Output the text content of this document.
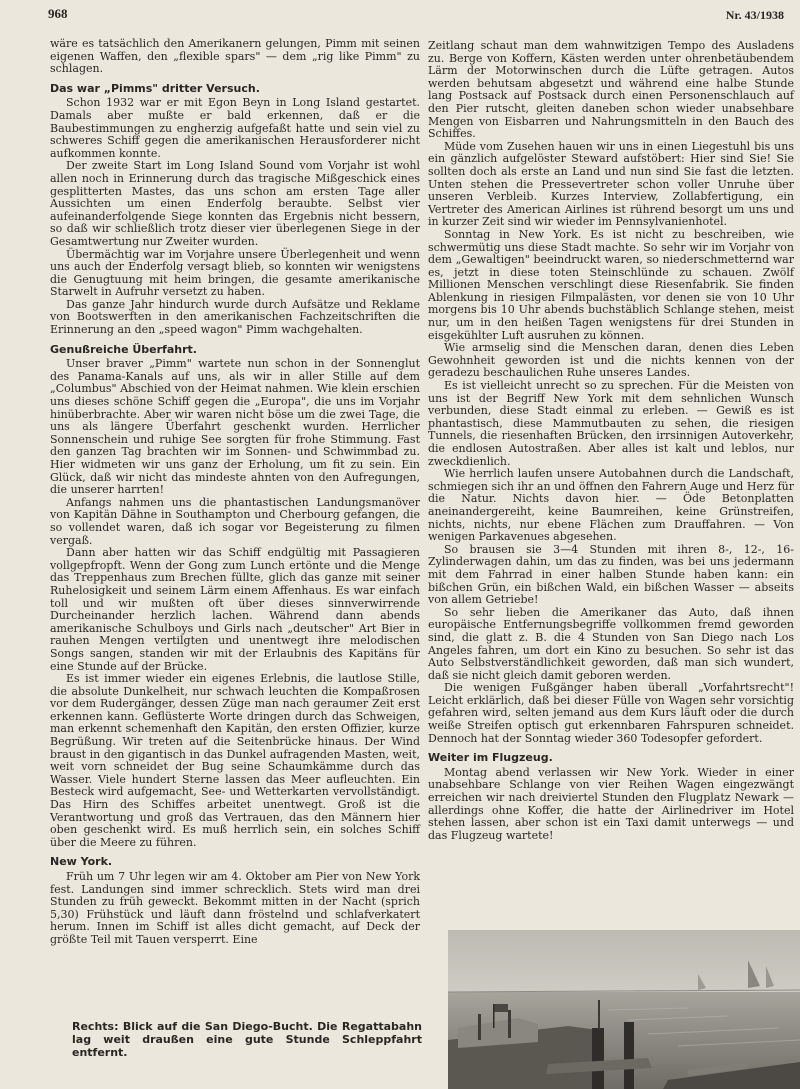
968	Nr. 43/1938

wäre es tatsächlich den Amerikanern gelungen, Pimm mit seinen eigenen Waffen, den „flexible spars" — dem „rig like Pimm" zu schlagen.

Das war „Pimms" dritter Versuch.

Schon 1932 war er mit Egon Beyn in Long Island gestartet. Damals aber mußte er bald erkennen, daß er die Baubestimmungen zu engherzig aufgefaßt hatte und sein viel zu schweres Schiff gegen die amerikanischen Herausforderer nicht aufkommen konnte.

Der zweite Start im Long Island Sound vom Vorjahr ist wohl allen noch in Erinnerung durch das tragische Mißgeschick eines gesplitterten Mastes, das uns schon am ersten Tage aller Aussichten um einen Enderfolg beraubte. Selbst vier aufeinanderfolgende Siege konnten das Ergebnis nicht bessern, so daß wir schließlich trotz dieser vier überlegenen Siege in der Gesamtwertung nur Zweiter wurden.

Übermächtig war im Vorjahre unsere Überlegenheit und wenn uns auch der Enderfolg versagt blieb, so konnten wir wenigstens die Genugtuung mit heim bringen, die gesamte amerikanische Starwelt in Aufruhr versetzt zu haben.

Das ganze Jahr hindurch wurde durch Aufsätze und Reklame von Bootswerften in den amerikanischen Fachzeitschriften die Erinnerung an den „speed wagon" Pimm wachgehalten.

Genußreiche Überfahrt.

Unser braver „Pimm" wartete nun schon in der Sonnenglut des Panama-Kanals auf uns, als wir in aller Stille auf dem „Columbus" Abschied von der Heimat nahmen. Wie klein erschien uns dieses schöne Schiff gegen die „Europa", die uns im Vorjahr hinüberbrachte. Aber wir waren nicht böse um die zwei Tage, die uns als längere Überfahrt geschenkt wurden. Herrlicher Sonnenschein und ruhige See sorgten für frohe Stimmung. Fast den ganzen Tag brachten wir im Sonnen- und Schwimmbad zu. Hier widmeten wir uns ganz der Erholung, um fit zu sein. Ein Glück, daß wir nicht das mindeste ahnten von den Aufregungen, die unserer harrten!

Anfangs nahmen uns die phantastischen Landungsmanöver von Kapitän Dähne in Southampton und Cherbourg gefangen, die so vollendet waren, daß ich sogar vor Begeisterung zu filmen vergaß.

Dann aber hatten wir das Schiff endgültig mit Passagieren vollgepfropft. Wenn der Gong zum Lunch ertönte und die Menge das Treppenhaus zum Brechen füllte, glich das ganze mit seiner Ruhelosigkeit und seinem Lärm einem Affenhaus. Es war einfach toll und wir mußten oft über dieses sinnverwirrende Durcheinander herzlich lachen. Während dann abends amerikanische Schulboys und Girls nach „deutscher" Art Bier in rauhen Mengen vertilgten und unentwegt ihre melodischen Songs sangen, standen wir mit der Erlaubnis des Kapitäns für eine Stunde auf der Brücke.

Es ist immer wieder ein eigenes Erlebnis, die lautlose Stille, die absolute Dunkelheit, nur schwach leuchten die Kompaßrosen vor dem Rudergänger, dessen Züge man nach geraumer Zeit erst erkennen kann. Geflüsterte Worte dringen durch das Schweigen, man erkennt schemenhaft den Kapitän, den ersten Offizier, kurze Begrüßung. Wir treten auf die Seitenbrücke hinaus. Der Wind braust in den gigantisch in das Dunkel aufragenden Masten, weit, weit vorn schneidet der Bug seine Schaumkämme durch das Wasser. Viele hundert Sterne lassen das Meer aufleuchten. Ein Besteck wird aufgemacht, See- und Wetterkarten vervollständigt. Das Hirn des Schiffes arbeitet unentwegt. Groß ist die Verantwortung und groß das Vertrauen, das den Männern hier oben geschenkt wird. Es muß herrlich sein, ein solches Schiff über die Meere zu führen.

New York.

Früh um 7 Uhr legen wir am 4. Oktober am Pier von New York fest. Landungen sind immer schrecklich. Stets wird man drei Stunden zu früh geweckt. Bekommt mitten in der Nacht (sprich 5,30) Frühstück und läuft dann fröstelnd und schlafverkatert herum. Innen im Schiff ist alles dicht gemacht, auf Deck der größte Teil mit Tauen versperrt. Eine

Zeitlang schaut man dem wahnwitzigen Tempo des Ausladens zu. Berge von Koffern, Kästen werden unter ohrenbetäubendem Lärm der Motorwinschen durch die Lüfte getragen. Autos werden behutsam abgesetzt und während eine halbe Stunde lang Postsack auf Postsack durch einen Personenschlauch auf den Pier rutscht, gleiten daneben schon wieder unabsehbare Mengen von Eisbarren und Nahrungsmitteln in den Bauch des Schiffes.

Müde vom Zusehen hauen wir uns in einen Liegestuhl bis uns ein gänzlich aufgelöster Steward aufstöbert: Hier sind Sie! Sie sollten doch als erste an Land und nun sind Sie fast die letzten. Unten stehen die Pressevertreter schon voller Unruhe über unseren Verbleib. Kurzes Interview, Zollabfertigung, ein Vertreter des American Airlines ist rührend besorgt um uns und in kurzer Zeit sind wir wieder im Pennsylvanienhotel.

Sonntag in New York. Es ist nicht zu beschreiben, wie schwermütig uns diese Stadt machte. So sehr wir im Vorjahr von dem „Gewaltigen" beeindruckt waren, so niederschmetternd war es, jetzt in diese toten Steinschlünde zu schauen. Zwölf Millionen Menschen verschlingt diese Riesenfabrik. Sie finden Ablenkung in riesigen Filmpalästen, vor denen sie von 10 Uhr morgens bis 10 Uhr abends buchstäblich Schlange stehen, meist nur, um in den heißen Tagen wenigstens für drei Stunden in eisgekühlter Luft ausruhen zu können.

Wie armselig sind die Menschen daran, denen dies Leben Gewohnheit geworden ist und die nichts kennen von der geradezu beschaulichen Ruhe unseres Landes.

Es ist vielleicht unrecht so zu sprechen. Für die Meisten von uns ist der Begriff New York mit dem sehnlichen Wunsch verbunden, diese Stadt einmal zu erleben. — Gewiß es ist phantastisch, diese Mammutbauten zu sehen, die riesigen Tunnels, die riesenhaften Brücken, den irrsinnigen Autoverkehr, die endlosen Autostraßen. Aber alles ist kalt und leblos, nur zweckdienlich.

Wie herrlich laufen unsere Autobahnen durch die Landschaft, schmiegen sich ihr an und öffnen den Fahrern Auge und Herz für die Natur. Nichts davon hier. — Öde Betonplatten aneinandergereiht, keine Baumreihen, keine Grünstreifen, nichts, nichts, nur ebene Flächen zum Drauffahren. — Von wenigen Parkavenues abgesehen.

So brausen sie 3—4 Stunden mit ihren 8-, 12-, 16-Zylinderwagen dahin, um das zu finden, was bei uns jedermann mit dem Fahrrad in einer halben Stunde haben kann: ein bißchen Grün, ein bißchen Wald, ein bißchen Wasser — abseits von allem Getriebe!

So sehr lieben die Amerikaner das Auto, daß ihnen europäische Entfernungsbegriffe vollkommen fremd geworden sind, die glatt z. B. die 4 Stunden von San Diego nach Los Angeles fahren, um dort ein Kino zu besuchen. So sehr ist das Auto Selbstverständlichkeit geworden, daß man sich wundert, daß sie nicht gleich damit geboren werden.

Die wenigen Fußgänger haben überall „Vorfahrtsrecht"! Leicht erklärlich, daß bei dieser Fülle von Wagen sehr vorsichtig gefahren wird, selten jemand aus dem Kurs läuft oder die durch weiße Streifen optisch gut erkennbaren Fahrspuren schneidet. Dennoch hat der Sonntag wieder 360 Todesopfer gefordert.

Weiter im Flugzeug.

Montag abend verlassen wir New York. Wieder in einer unabsehbare Schlange von vier Reihen Wagen eingezwängt erreichen wir nach dreiviertel Stunden den Flugplatz Newark — allerdings ohne Koffer, die hatte der Airlinedriver im Hotel stehen lassen, aber schon ist ein Taxi damit unterwegs — und das Flugzeug wartete!

Rechts: Blick auf die San Diego-Bucht. Die Regattabahn lag weit draußen eine gute Stunde Schleppfahrt entfernt.
